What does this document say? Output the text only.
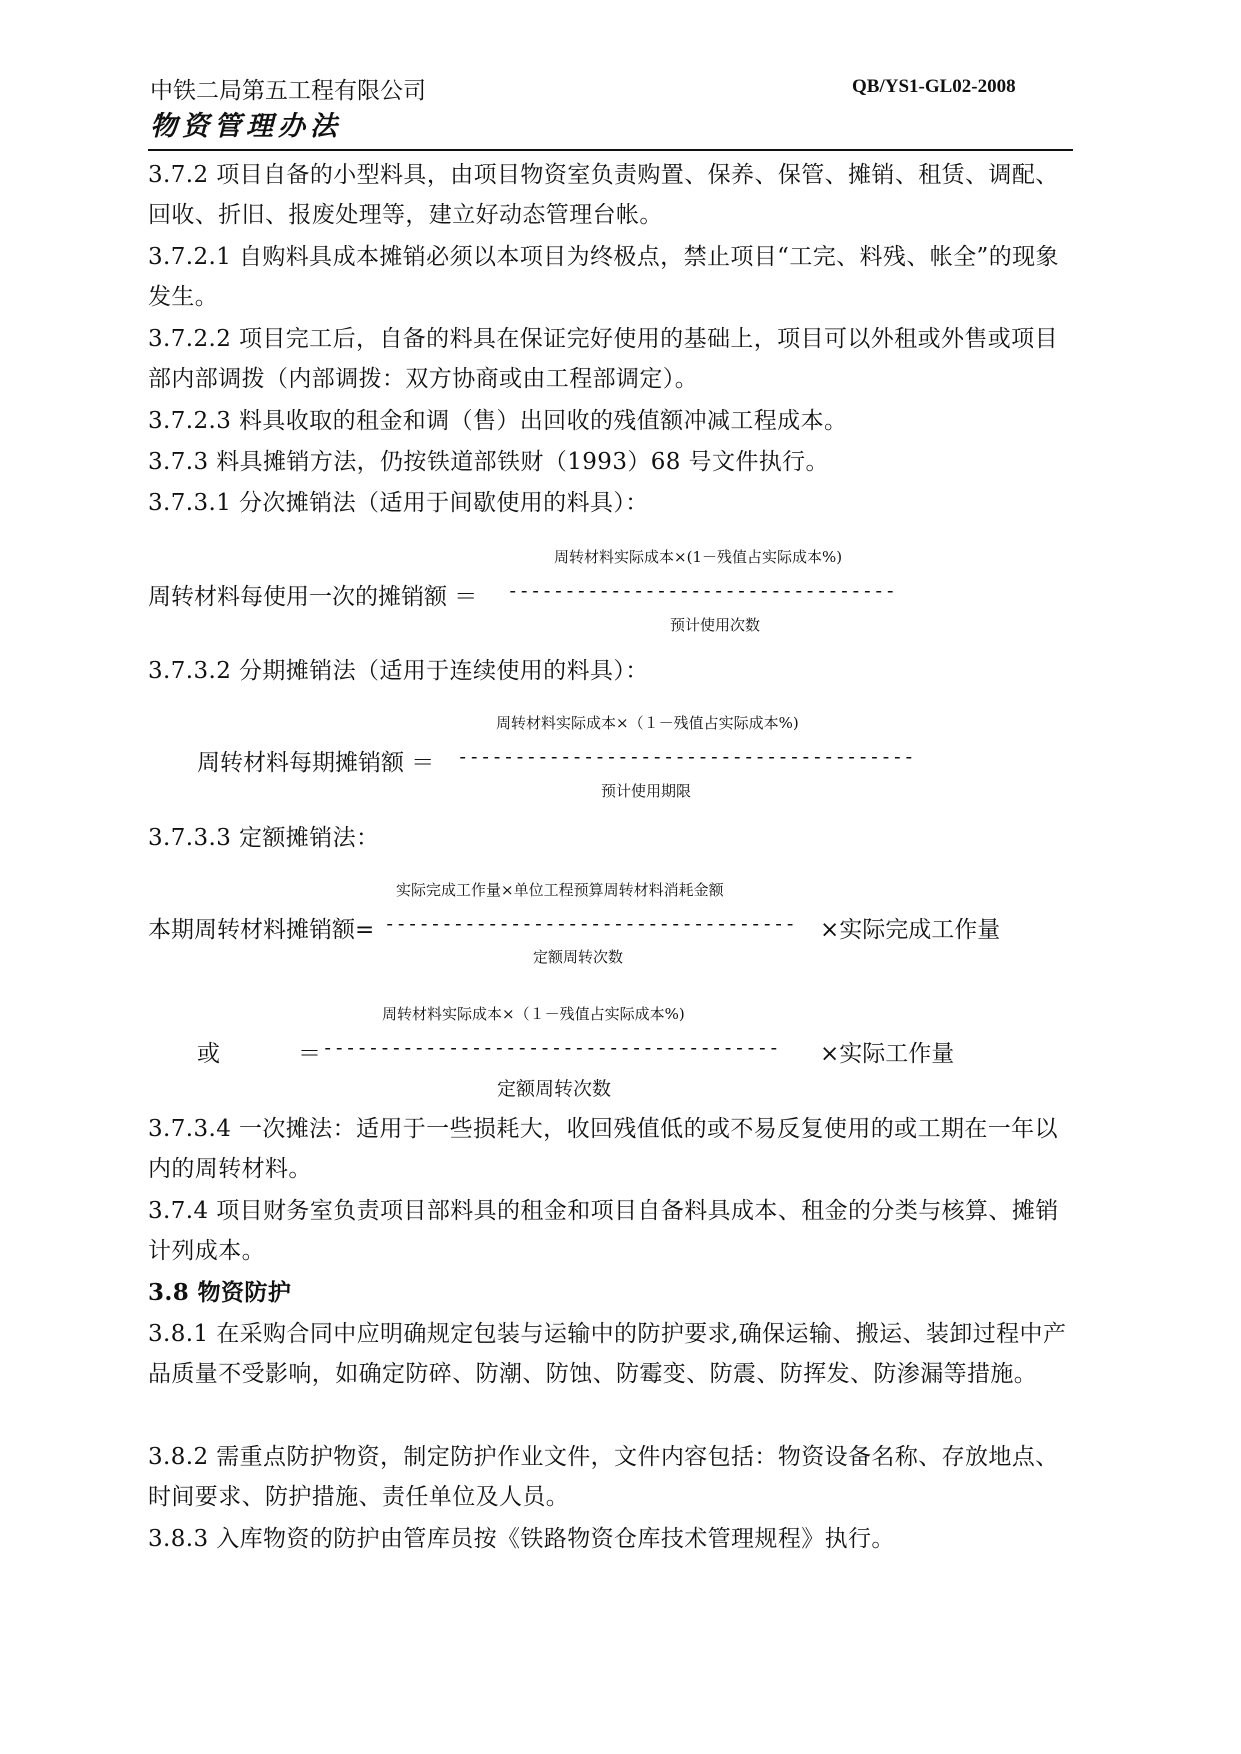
中铁二局第五工程有限公司	QB/YS1-GL02-2008
物资管理办法
3.7.2 项目自备的小型料具，由项目物资室负责购置、保养、保管、摊销、租赁、调配、回收、折旧、报废处理等，建立好动态管理台帐。
3.7.2.1 自购料具成本摊销必须以本项目为终极点，禁止项目“工完、料残、帐全”的现象发生。
3.7.2.2 项目完工后，自备的料具在保证完好使用的基础上，项目可以外租或外售或项目部内部调拨（内部调拨：双方协商或由工程部调定）。
3.7.2.3 料具收取的租金和调（售）出回收的残值额冲减工程成本。
3.7.3 料具摊销方法，仍按铁道部铁财（1993）68 号文件执行。
3.7.3.1 分次摊销法（适用于间歇使用的料具）：
周转材料实际成本×(1－残值占实际成本%)
周转材料每使用一次的摊销额 ＝ ----------------------------------
预计使用次数
3.7.3.2 分期摊销法（适用于连续使用的料具）：
周转材料实际成本×（１－残值占实际成本%)
周转材料每期摊销额 ＝ ----------------------------------------
预计使用期限
3.7.3.3 定额摊销法：
实际完成工作量×单位工程预算周转材料消耗金额
本期周转材料摊销额= ------------------------------------ ×实际完成工作量
定额周转次数
周转材料实际成本×（１－残值占实际成本%)
或	＝ ---------------------------------------- ×实际工作量
定额周转次数
3.7.3.4 一次摊法：适用于一些损耗大，收回残值低的或不易反复使用的或工期在一年以内的周转材料。
3.7.4 项目财务室负责项目部料具的租金和项目自备料具成本、租金的分类与核算、摊销计列成本。
3.8 物资防护
3.8.1 在采购合同中应明确规定包装与运输中的防护要求,确保运输、搬运、装卸过程中产品质量不受影响，如确定防碎、防潮、防蚀、防霉变、防震、防挥发、防渗漏等措施。
3.8.2 需重点防护物资，制定防护作业文件，文件内容包括：物资设备名称、存放地点、时间要求、防护措施、责任单位及人员。
3.8.3 入库物资的防护由管库员按《铁路物资仓库技术管理规程》执行。
